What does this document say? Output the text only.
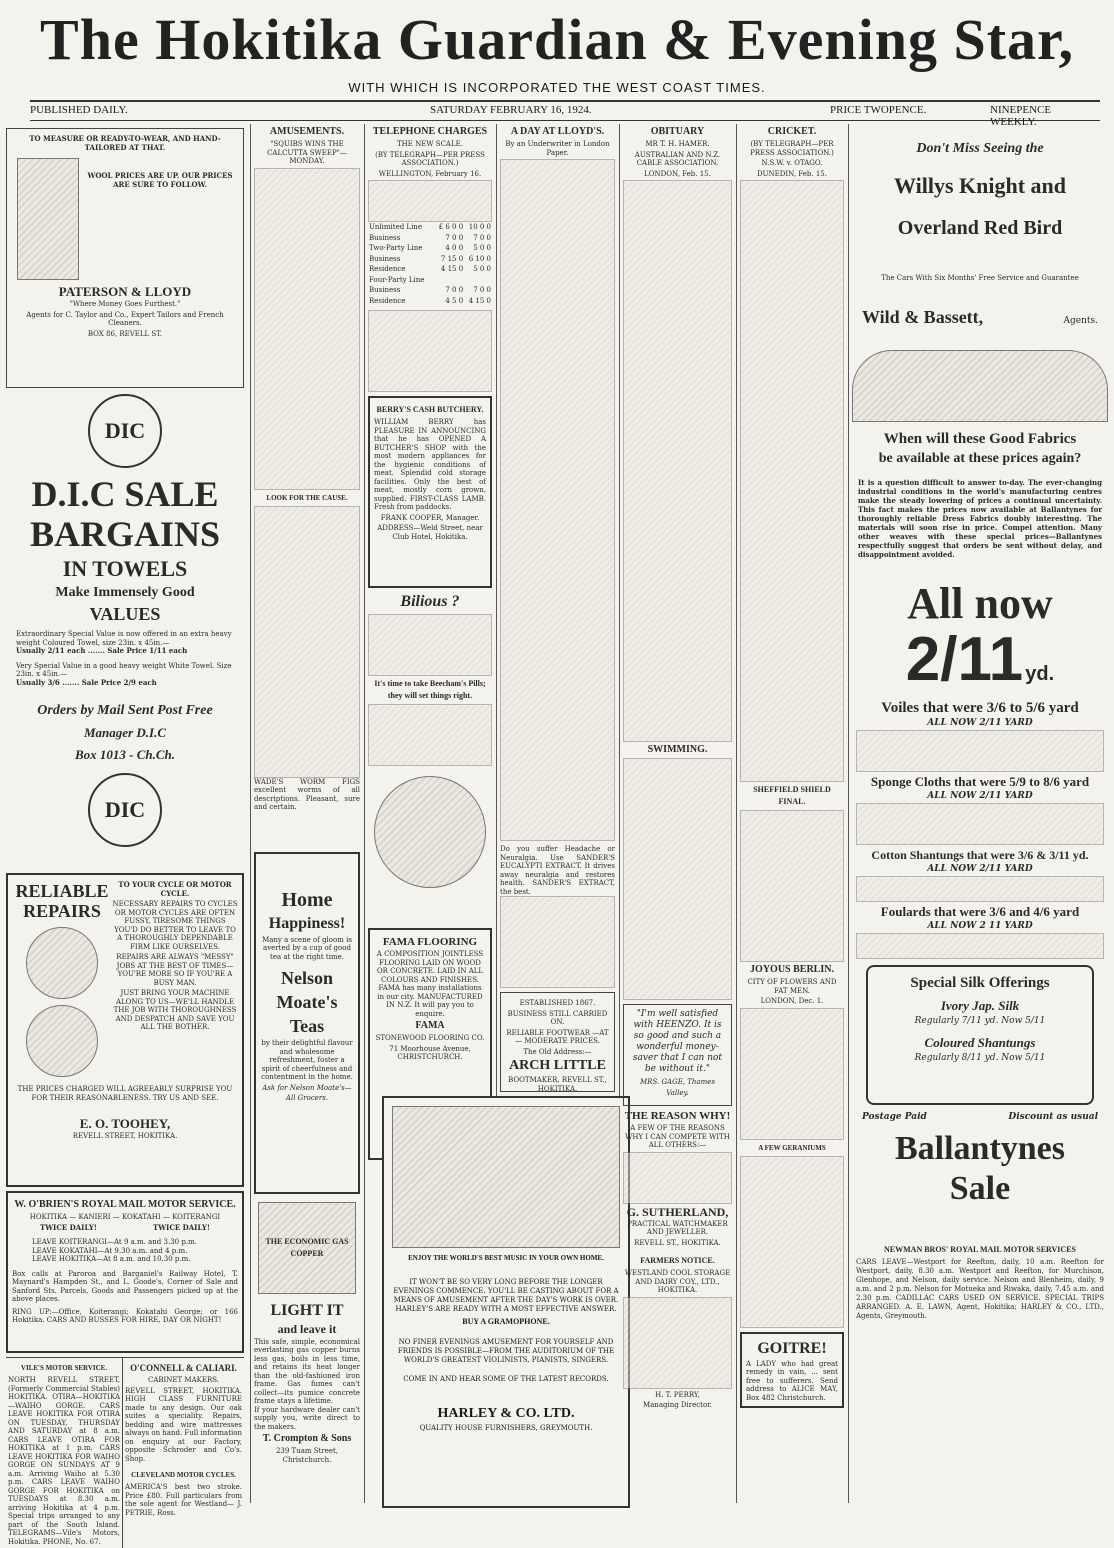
The Hokitika Guardian & Evening Star,
WITH WHICH IS INCORPORATED THE WEST COAST TIMES.
PUBLISHED DAILY.	SATURDAY FEBRUARY 16, 1924.	PRICE TWOPENCE.	NINEPENCE WEEKLY.
TO MEASURE OR READY-TO-WEAR, AND HAND-TAILORED AT THAT.
WOOL PRICES ARE UP. OUR PRICES ARE SURE TO FOLLOW.
PATERSON & LLOYD
"Where Money Goes Furthest."
Agents for C. Taylor and Co., Expert Tailors and French Cleaners.
BOX 86, REVELL ST.
DIC
D.I.C SALE
BARGAINS
IN TOWELS
Make Immensely Good
VALUES
Extraordinary Special Value is now offered in an extra heavy weight Coloured Towel, size 23in. x 45in.—
Usually 2/11 each ....... Sale Price 1/11 each
Very Special Value in a good heavy weight White Towel. Size 23in. x 45in.—
Usually 3/6 ....... Sale Price 2/9 each
Orders by Mail Sent Post Free
Manager D.I.C
Box 1013 - Ch.Ch.
DIC
RELIABLE REPAIRS
TO YOUR CYCLE OR MOTOR CYCLE.
NECESSARY REPAIRS TO CYCLES OR MOTOR CYCLES ARE OFTEN FUSSY, TIRESOME THINGS YOU'D DO BETTER TO LEAVE TO A THOROUGHLY DEPENDABLE FIRM LIKE OURSELVES.
REPAIRS ARE ALWAYS "MESSY" JOBS AT THE BEST OF TIMES—YOU'RE MORE SO IF YOU'RE A BUSY MAN.
JUST BRING YOUR MACHINE ALONG TO US—WE'LL HANDLE THE JOB WITH THOROUGHNESS AND DESPATCH AND SAVE YOU ALL THE BOTHER.
THE PRICES CHARGED WILL AGREEABLY SURPRISE YOU FOR THEIR REASONABLENESS. TRY US AND SEE.
E. O. TOOHEY,
REVELL STREET, HOKITIKA.
W. O'BRIEN'S ROYAL MAIL MOTOR SERVICE.
HOKITIKA — KANIERI — KOKATAHI — KOITERANGI
TWICE DAILY!	TWICE DAILY!
LEAVE KOITERANGI—At 9 a.m. and 3.30 p.m.
LEAVE KOKATAHI—At 9.30 a.m. and 4 p.m.
LEAVE HOKITIKA—At 8 a.m. and 10.30 p.m.
Box calls at Paroroa and Barganiel's Railway Hotel, T. Maynard's Hampden St., and L. Goode's, Corner of Sale and Sanford Sts. Parcels, Goods and Passengers picked up at the above places.
RING UP:—Office, Koiterangi; Kokatahi George; or 166 Hokitika. CARS AND BUSSES FOR HIRE, DAY OR NIGHT!
VILE'S MOTOR SERVICE.
NORTH REVELL STREET, (Formerly Commercial Stables) HOKITIKA. OTIRA—HOKITIKA—WAIHO GORGE. CARS LEAVE HOKITIKA FOR OTIRA ON TUESDAY, THURSDAY AND SATURDAY at 8 a.m. CARS LEAVE OTIRA FOR HOKITIKA at 1 p.m. CARS LEAVE HOKITIKA FOR WAIHO GORGE ON SUNDAYS AT 9 a.m. Arriving Waiho at 5.30 p.m. CARS LEAVE WAIHO GORGE FOR HOKITIKA on TUESDAYS at 8.30 a.m. arriving Hokitika at 4 p.m. Special trips arranged to any part of the South Island. TELEGRAMS—Vile's Motors, Hokitika. PHONE, No. 67.
O'CONNELL & CALIARI.
CABINET MAKERS.
REVELL STREET, HOKITIKA. HIGH CLASS FURNITURE made to any design. Our oak suites a speciality. Repairs, bedding and wire mattresses always on hand. Full information on enquiry at our Factory, opposite Schroder and Co's. Shop.
CLEVELAND MOTOR CYCLES.
AMERICA'S best two stroke. Price £80. Full particulars from the sole agent for Westland— J. PETRIE, Ross.
AMUSEMENTS.
"SQUIBS WINS THE CALCUTTA SWEEP"—MONDAY.
LOOK FOR THE CAUSE.
WADE'S WORM FIGS excellent worms of all descriptions. Pleasant, sure and certain.
Home
Happiness!
Many a scene of gloom is averted by a cup of good tea at the right time.
Nelson
Moate's
Teas
by their delightful flavour and wholesome refreshment, foster a spirit of cheerfulness and contentment in the home.
Ask for Nelson Moate's—
All Grocers.
THE ECONOMIC GAS COPPER
LIGHT IT
and leave it
This safe, simple, economical everlasting gas copper burns less gas, boils in less time, and retains its heat longer than the old-fashioned iron frame. Gas fumes can't collect—its pumice concrete frame stays a lifetime.
If your hardware dealer can't supply you, write direct to the makers.
T. Crompton & Sons
239 Tuam Street, Christchurch.
TELEPHONE CHARGES
THE NEW SCALE.
(BY TELEGRAPH—PER PRESS ASSOCIATION.)
WELLINGTON, February 16.
Unlimited Line	£ 6 0 0	10 0 0
Business	7 0 0	7 0 0
Two-Party Line	4 0 0	5 0 0
Business	7 15 0	6 10 0
Residence	4 15 0	5 0 0
Four-Party Line		
Business	7 0 0	7 0 0
Residence	4 5 0	4 15 0
BERRY'S CASH BUTCHERY.
WILLIAM BERRY has PLEASURE IN ANNOUNCING that he has OPENED A BUTCHER'S SHOP with the most modern appliances for the hygienic conditions of meat. Splendid cold storage facilities. Only the best of meat, mostly corn grown, supplied. FIRST-CLASS LAMB. Fresh from paddocks.
FRANK COOPER, Manager.
ADDRESS—Weld Street, near Club Hotel, Hokitika.
Bilious ?
It's time to take Beecham's Pills; they will set things right.
FAMA FLOORING
A COMPOSITION JOINTLESS FLOORING LAID ON WOOD OR CONCRETE. LAID IN ALL COLOURS AND FINISHES. FAMA has many installations in our city. MANUFACTURED IN N.Z. It will pay you to enquire.
FAMA
STONEWOOD FLOORING CO.
71 Moorhouse Avenue, CHRISTCHURCH.
A DAY AT LLOYD'S.
By an Underwriter in London Paper.
Do you suffer Headache or Neuralgia. Use SANDER'S EUCALYPTI EXTRACT. It drives away neuralgia and restores health. SANDER'S EXTRACT, the best.
ESTABLISHED 1867.
BUSINESS STILL CARRIED ON.
RELIABLE FOOTWEAR —AT— MODERATE PRICES.
The Old Address:—
ARCH LITTLE
BOOTMAKER, REVELL ST., HOKITIKA.
ENJOY THE WORLD'S BEST MUSIC IN YOUR OWN HOME.
IT WON'T BE SO VERY LONG BEFORE THE LONGER EVENINGS COMMENCE. YOU'LL BE CASTING ABOUT FOR A MEANS OF AMUSEMENT AFTER THE DAY'S WORK IS OVER. HARLEY'S ARE READY WITH A MOST EFFECTIVE ANSWER.
BUY A GRAMOPHONE.
NO FINER EVENINGS AMUSEMENT FOR YOURSELF AND FRIENDS IS POSSIBLE—FROM THE AUDITORIUM OF THE WORLD'S GREATEST VIOLINISTS, PIANISTS, SINGERS.
COME IN AND HEAR SOME OF THE LATEST RECORDS.
HARLEY & CO. LTD.
QUALITY HOUSE FURNISHERS, GREYMOUTH.
OBITUARY
MR T. H. HAMER.
AUSTRALIAN AND N.Z. CABLE ASSOCIATION.
LONDON, Feb. 15.
SWIMMING.
"I'm well satisfied with HEENZO. It is so good and such a wonderful money-saver that I can not be without it."
MRS. GAGE, Thames Valley.
THE REASON WHY!
A FEW OF THE REASONS WHY I CAN COMPETE WITH ALL OTHERS:—
G. SUTHERLAND,
PRACTICAL WATCHMAKER AND JEWELLER.
REVELL ST., HOKITIKA.
FARMERS NOTICE.
WESTLAND COOL STORAGE AND DAIRY COY., LTD., HOKITIKA.
H. T. PERRY,
Managing Director.
CRICKET.
(BY TELEGRAPH—PER PRESS ASSOCIATION.)
N.S.W. v. OTAGO.
DUNEDIN, Feb. 15.
SHEFFIELD SHIELD FINAL.
JOYOUS BERLIN.
CITY OF FLOWERS AND FAT MEN.
LONDON, Dec. 1.
A FEW GERANIUMS
GOITRE!
A LADY who had great remedy in vain, ... sent free to sufferers. Send address to ALICE MAY, Box 482 Christchurch.
Don't Miss Seeing the
Willys Knight and
Overland Red Bird
The Cars With Six Months' Free Service and Guarantee
Wild & Bassett,	Agents.
When will these Good Fabrics
be available at these prices again?
It is a question difficult to answer to-day. The ever-changing industrial conditions in the world's manufacturing centres make the steady lowering of prices a continual uncertainty. This fact makes the prices now available at Ballantynes for thoroughly reliable Dress Fabrics doubly interesting. The materials will soon rise in price. Compel attention. Many other weaves with these special prices—Ballantynes respectfully suggest that orders be sent without delay, and disappointment avoided.
All now
2/11 yd.
Voiles that were 3/6 to 5/6 yard
ALL NOW 2/11 YARD
Sponge Cloths that were 5/9 to 8/6 yard
ALL NOW 2/11 YARD
Cotton Shantungs that were 3/6 & 3/11 yd.
ALL NOW 2/11 YARD
Foulards that were 3/6 and 4/6 yard
ALL NOW 2 11 YARD
Special Silk Offerings
Ivory Jap. Silk
Regularly 7/11 yd. Now 5/11
Coloured Shantungs
Regularly 8/11 yd. Now 5/11
Postage Paid	Discount as usual
Ballantynes
Sale
NEWMAN BROS' ROYAL MAIL MOTOR SERVICES
CARS LEAVE—Westport for Reefton, daily, 10 a.m. Reefton for Westport, daily, 8.30 a.m. Westport and Reefton, for Murchison, Glenhope, and Nelson, daily service. Nelson and Blenheim, daily, 9 a.m. and 2 p.m. Nelson for Motueka and Riwaka, daily, 7.45 a.m. and 2.30 p.m. CADILLAC CARS USED ON SERVICE. SPECIAL TRIPS ARRANGED. A. E. LAWN, Agent, Hokitika; HARLEY & CO., LTD., Agents, Greymouth.
